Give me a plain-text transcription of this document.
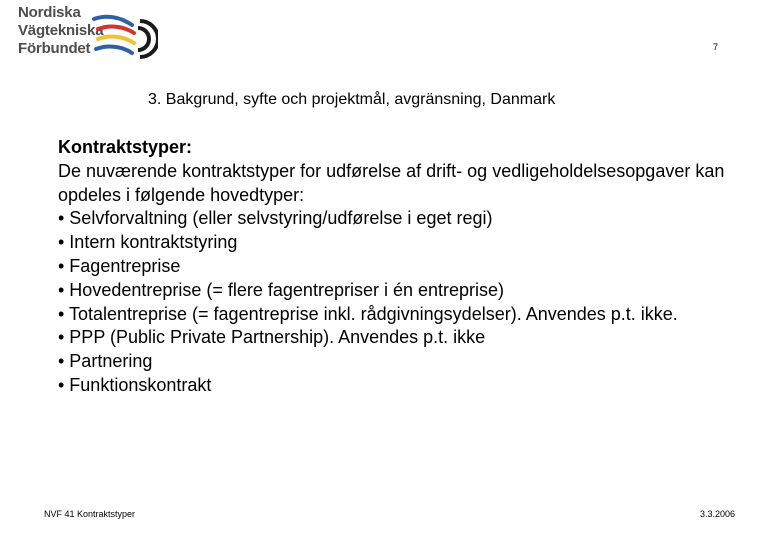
Nordiska
Vägtekniska
Förbundet	7
3. Bakgrund, syfte och projektmål, avgränsning, Danmark
Kontraktstyper:
De nuværende kontraktstyper for udførelse af drift- og vedligeholdelsesopgaver kan opdeles i følgende hovedtyper:
• Selvforvaltning (eller selvstyring/udførelse i eget regi)
• Intern kontraktstyring
• Fagentreprise
• Hovedentreprise (= flere fagentrepriser i én entreprise)
• Totalentreprise (= fagentreprise inkl. rådgivningsydelser). Anvendes p.t. ikke.
• PPP (Public Private Partnership). Anvendes p.t. ikke
• Partnering
• Funktionskontrakt
NVF 41 Kontraktstyper	3.3.2006
